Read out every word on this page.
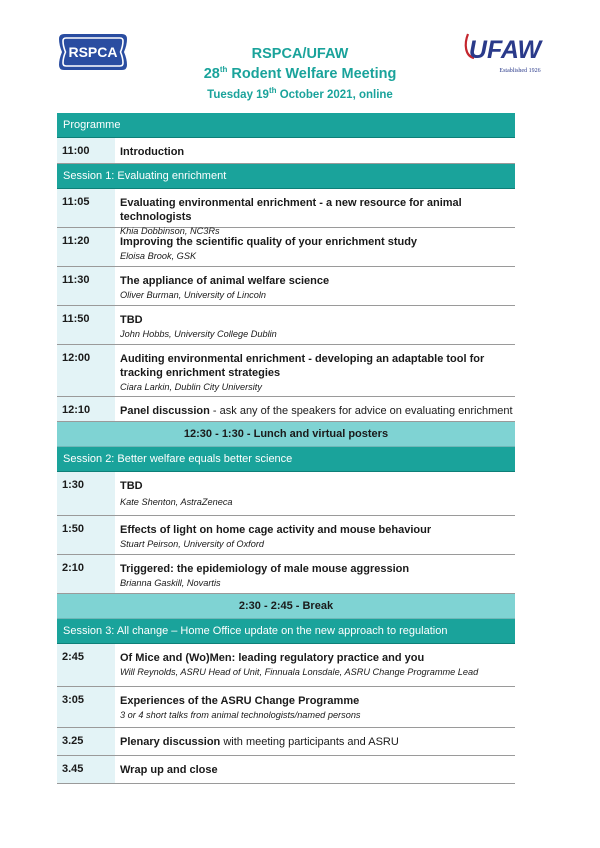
RSPCA	UFAW
Established 1926
RSPCA/UFAW
28th Rodent Welfare Meeting
Tuesday 19th October 2021, online
Programme
11:00	Introduction
Session 1: Evaluating enrichment
11:05	Evaluating environmental enrichment - a new resource for animal technologists
Khia Dobbinson, NC3Rs
11:20	Improving the scientific quality of your enrichment study
Eloisa Brook, GSK
11:30	The appliance of animal welfare science
Oliver Burman, University of Lincoln
11:50	TBD
John Hobbs, University College Dublin
12:00	Auditing environmental enrichment - developing an adaptable tool for tracking enrichment strategies
Ciara Larkin, Dublin City University
12:10	Panel discussion - ask any of the speakers for advice on evaluating enrichment
12:30 - 1:30 - Lunch and virtual posters
Session 2: Better welfare equals better science
1:30	TBD
Kate Shenton, AstraZeneca
1:50	Effects of light on home cage activity and mouse behaviour
Stuart Peirson, University of Oxford
2:10	Triggered: the epidemiology of male mouse aggression
Brianna Gaskill, Novartis
2:30 - 2:45 - Break
Session 3: All change – Home Office update on the new approach to regulation
2:45	Of Mice and (Wo)Men: leading regulatory practice and you
Will Reynolds, ASRU Head of Unit, Finnuala Lonsdale, ASRU Change Programme Lead
3:05	Experiences of the ASRU Change Programme
3 or 4 short talks from animal technologists/named persons
3.25	Plenary discussion with meeting participants and ASRU
3.45	Wrap up and close
